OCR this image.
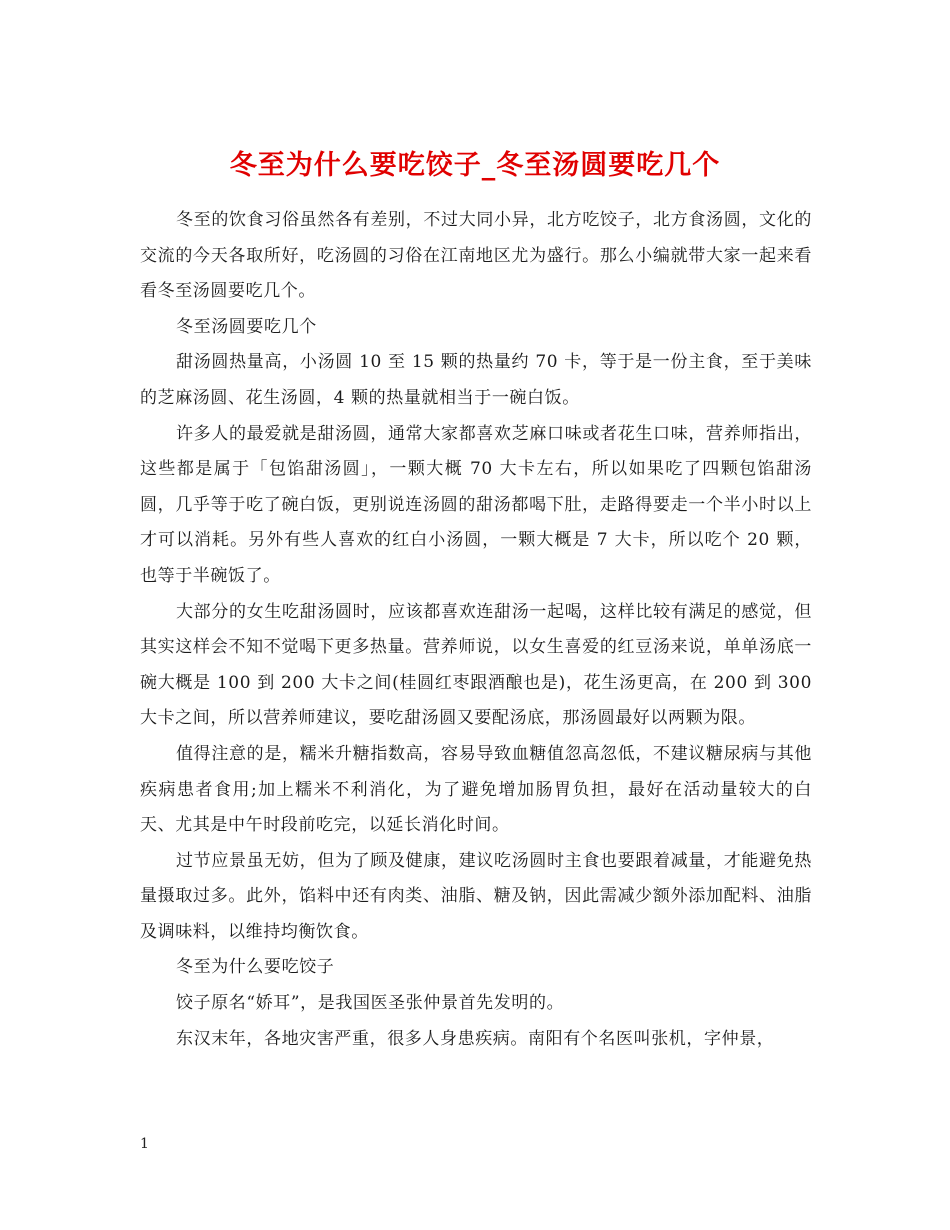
冬至为什么要吃饺子_冬至汤圆要吃几个

冬至的饮食习俗虽然各有差别，不过大同小异，北方吃饺子，北方食汤圆，文化的交流的今天各取所好，吃汤圆的习俗在江南地区尤为盛行。那么小编就带大家一起来看看冬至汤圆要吃几个。

冬至汤圆要吃几个

甜汤圆热量高，小汤圆 10 至 15 颗的热量约 70 卡，等于是一份主食，至于美味的芝麻汤圆、花生汤圆，4 颗的热量就相当于一碗白饭。

许多人的最爱就是甜汤圆，通常大家都喜欢芝麻口味或者花生口味，营养师指出，这些都是属于「包馅甜汤圆」，一颗大概 70 大卡左右，所以如果吃了四颗包馅甜汤圆，几乎等于吃了碗白饭，更别说连汤圆的甜汤都喝下肚，走路得要走一个半小时以上才可以消耗。另外有些人喜欢的红白小汤圆，一颗大概是 7 大卡，所以吃个 20 颗，也等于半碗饭了。

大部分的女生吃甜汤圆时，应该都喜欢连甜汤一起喝，这样比较有满足的感觉，但其实这样会不知不觉喝下更多热量。营养师说，以女生喜爱的红豆汤来说，单单汤底一碗大概是 100 到 200 大卡之间(桂圆红枣跟酒酿也是)，花生汤更高，在 200 到 300 大卡之间，所以营养师建议，要吃甜汤圆又要配汤底，那汤圆最好以两颗为限。

值得注意的是，糯米升糖指数高，容易导致血糖值忽高忽低，不建议糖尿病与其他疾病患者食用;加上糯米不利消化，为了避免增加肠胃负担，最好在活动量较大的白天、尤其是中午时段前吃完，以延长消化时间。

过节应景虽无妨，但为了顾及健康，建议吃汤圆时主食也要跟着减量，才能避免热量摄取过多。此外，馅料中还有肉类、油脂、糖及钠，因此需减少额外添加配料、油脂及调味料，以维持均衡饮食。

冬至为什么要吃饺子

饺子原名“娇耳”，是我国医圣张仲景首先发明的。

东汉末年，各地灾害严重，很多人身患疾病。南阳有个名医叫张机，字仲景，

1
